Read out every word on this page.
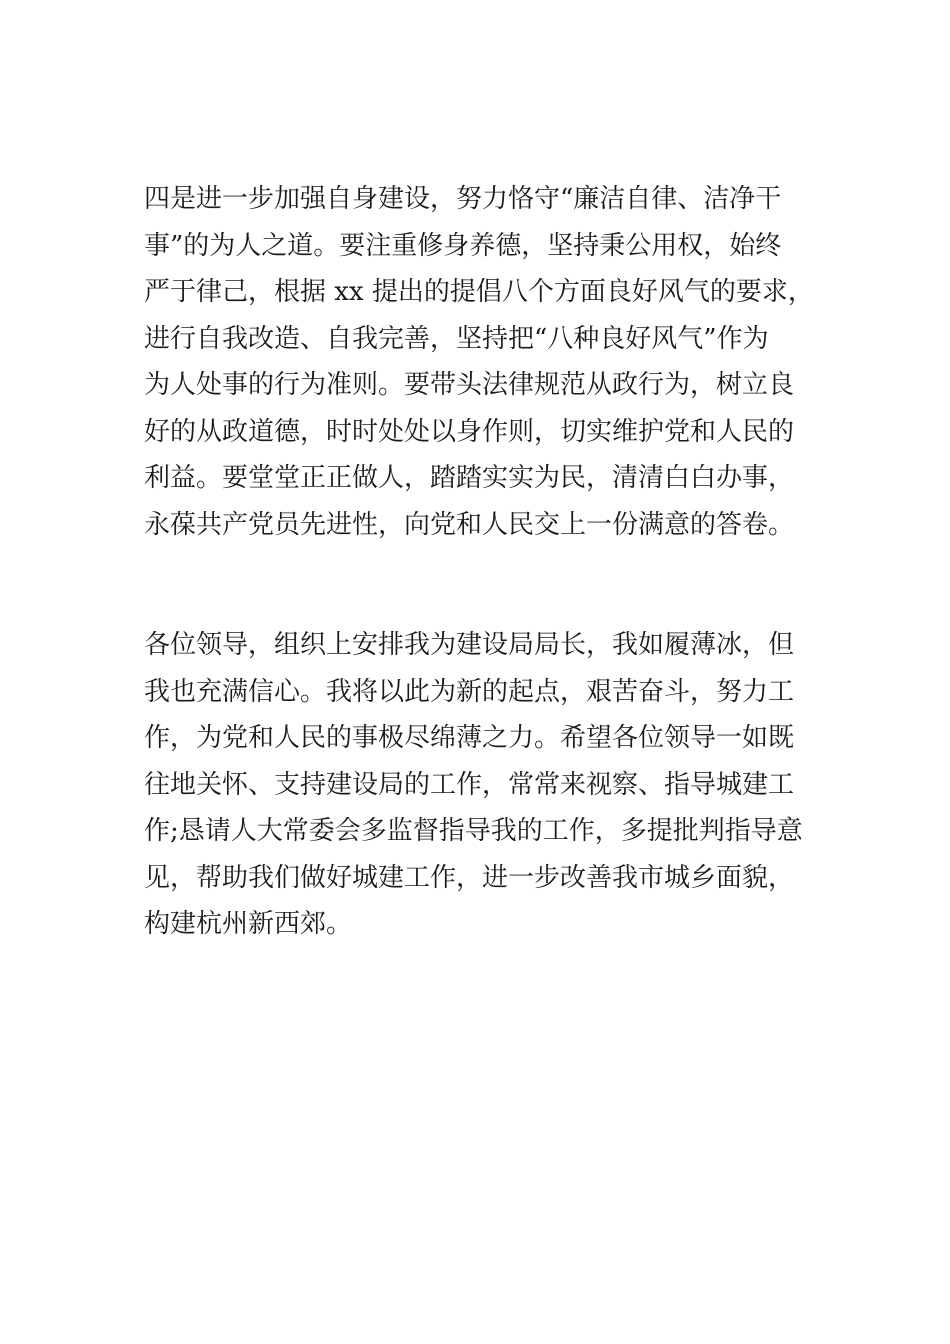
四是进一步加强自身建设，努力恪守“廉洁自律、洁净干
事”的为人之道。要注重修身养德，坚持秉公用权，始终
严于律己，根据 xx 提出的提倡八个方面良好风气的要求，
进行自我改造、自我完善，坚持把“八种良好风气”作为
为人处事的行为准则。要带头法律规范从政行为，树立良
好的从政道德，时时处处以身作则，切实维护党和人民的
利益。要堂堂正正做人，踏踏实实为民，清清白白办事，
永葆共产党员先进性，向党和人民交上一份满意的答卷。
各位领导，组织上安排我为建设局局长，我如履薄冰，但
我也充满信心。我将以此为新的起点，艰苦奋斗，努力工
作，为党和人民的事极尽绵薄之力。希望各位领导一如既
往地关怀、支持建设局的工作，常常来视察、指导城建工
作;恳请人大常委会多监督指导我的工作，多提批判指导意
见，帮助我们做好城建工作，进一步改善我市城乡面貌，
构建杭州新西郊。
